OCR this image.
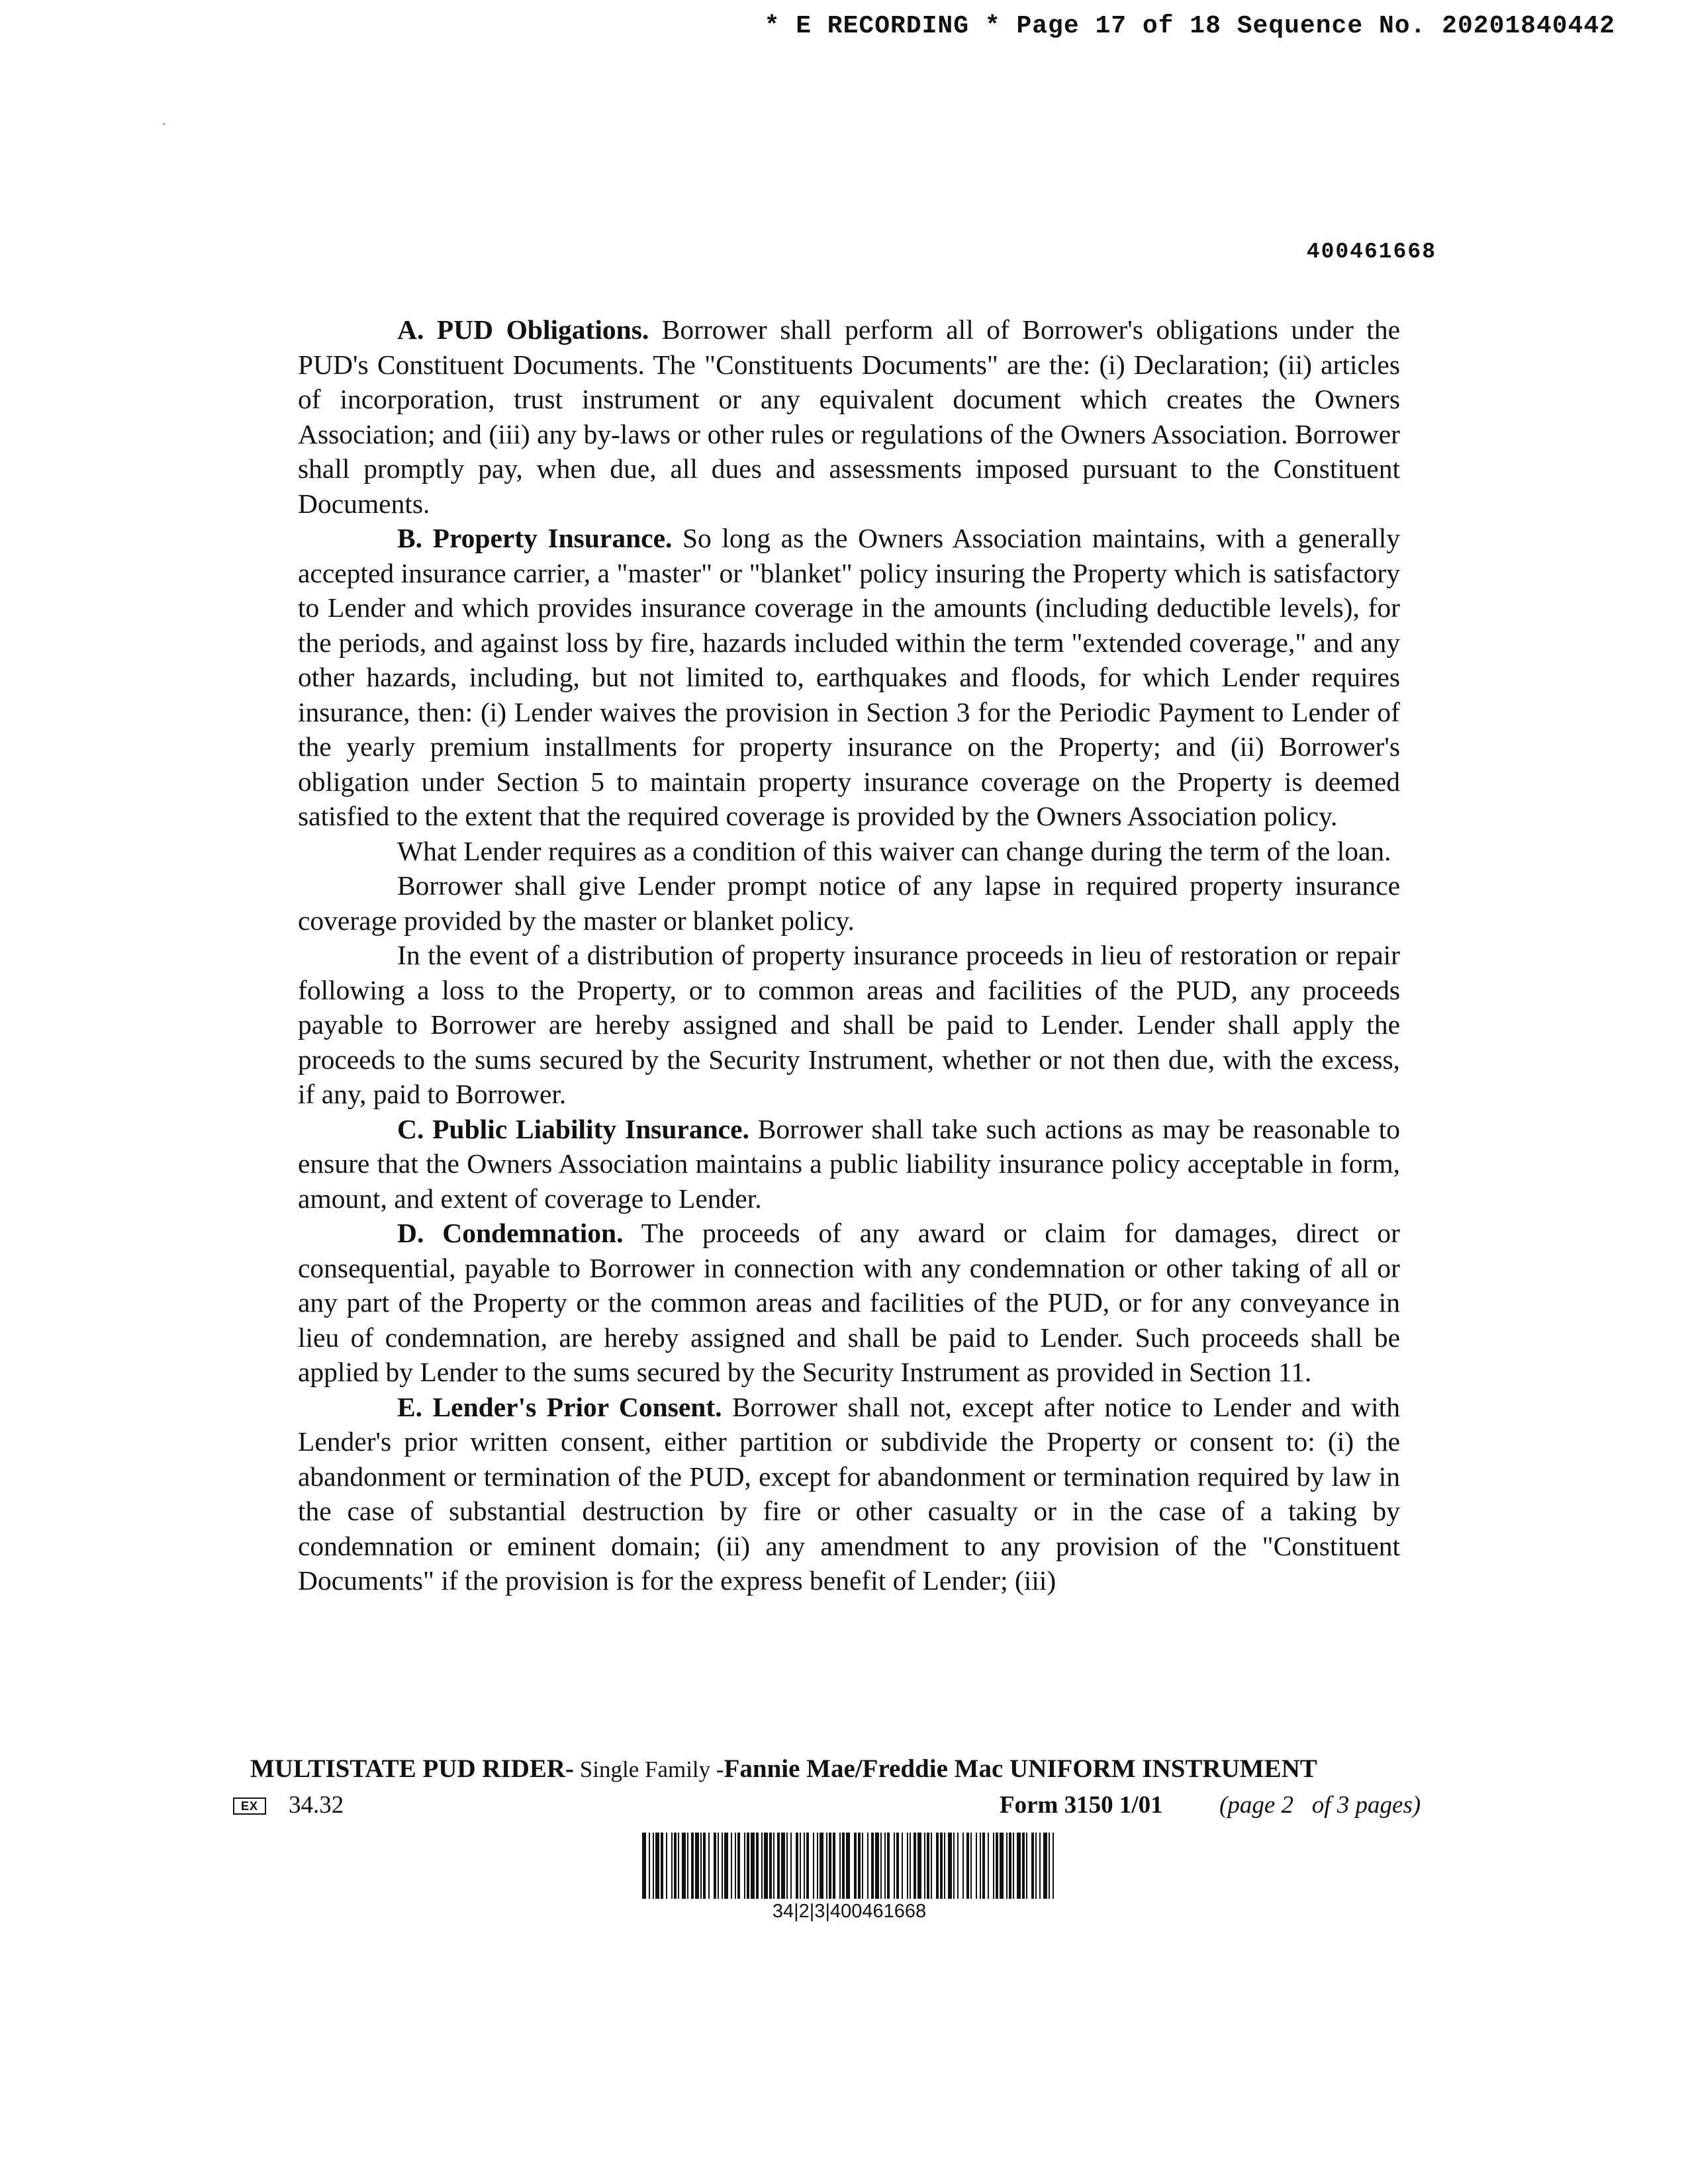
* E RECORDING * Page 17 of 18 Sequence No. 20201840442
400461668

A. PUD Obligations. Borrower shall perform all of Borrower's obligations under the PUD's Constituent Documents. The "Constituents Documents" are the: (i) Declaration; (ii) articles of incorporation, trust instrument or any equivalent document which creates the Owners Association; and (iii) any by-laws or other rules or regulations of the Owners Association. Borrower shall promptly pay, when due, all dues and assessments imposed pursuant to the Constituent Documents.

B. Property Insurance. So long as the Owners Association maintains, with a generally accepted insurance carrier, a "master" or "blanket" policy insuring the Property which is satisfactory to Lender and which provides insurance coverage in the amounts (including deductible levels), for the periods, and against loss by fire, hazards included within the term "extended coverage," and any other hazards, including, but not limited to, earthquakes and floods, for which Lender requires insurance, then: (i) Lender waives the provision in Section 3 for the Periodic Payment to Lender of the yearly premium installments for property insurance on the Property; and (ii) Borrower's obligation under Section 5 to maintain property insurance coverage on the Property is deemed satisfied to the extent that the required coverage is provided by the Owners Association policy.

What Lender requires as a condition of this waiver can change during the term of the loan.

Borrower shall give Lender prompt notice of any lapse in required property insurance coverage provided by the master or blanket policy.

In the event of a distribution of property insurance proceeds in lieu of restoration or repair following a loss to the Property, or to common areas and facilities of the PUD, any proceeds payable to Borrower are hereby assigned and shall be paid to Lender. Lender shall apply the proceeds to the sums secured by the Security Instrument, whether or not then due, with the excess, if any, paid to Borrower.

C. Public Liability Insurance. Borrower shall take such actions as may be reasonable to ensure that the Owners Association maintains a public liability insurance policy acceptable in form, amount, and extent of coverage to Lender.

D. Condemnation. The proceeds of any award or claim for damages, direct or consequential, payable to Borrower in connection with any condemnation or other taking of all or any part of the Property or the common areas and facilities of the PUD, or for any conveyance in lieu of condemnation, are hereby assigned and shall be paid to Lender. Such proceeds shall be applied by Lender to the sums secured by the Security Instrument as provided in Section 11.

E. Lender's Prior Consent. Borrower shall not, except after notice to Lender and with Lender's prior written consent, either partition or subdivide the Property or consent to: (i) the abandonment or termination of the PUD, except for abandonment or termination required by law in the case of substantial destruction by fire or other casualty or in the case of a taking by condemnation or eminent domain; (ii) any amendment to any provision of the "Constituent Documents" if the provision is for the express benefit of Lender; (iii)

MULTISTATE PUD RIDER- Single Family -Fannie Mae/Freddie Mac UNIFORM INSTRUMENT
EX	34.32	Form 3150 1/01 (page 2   of 3 pages)
34|2|3|400461668
